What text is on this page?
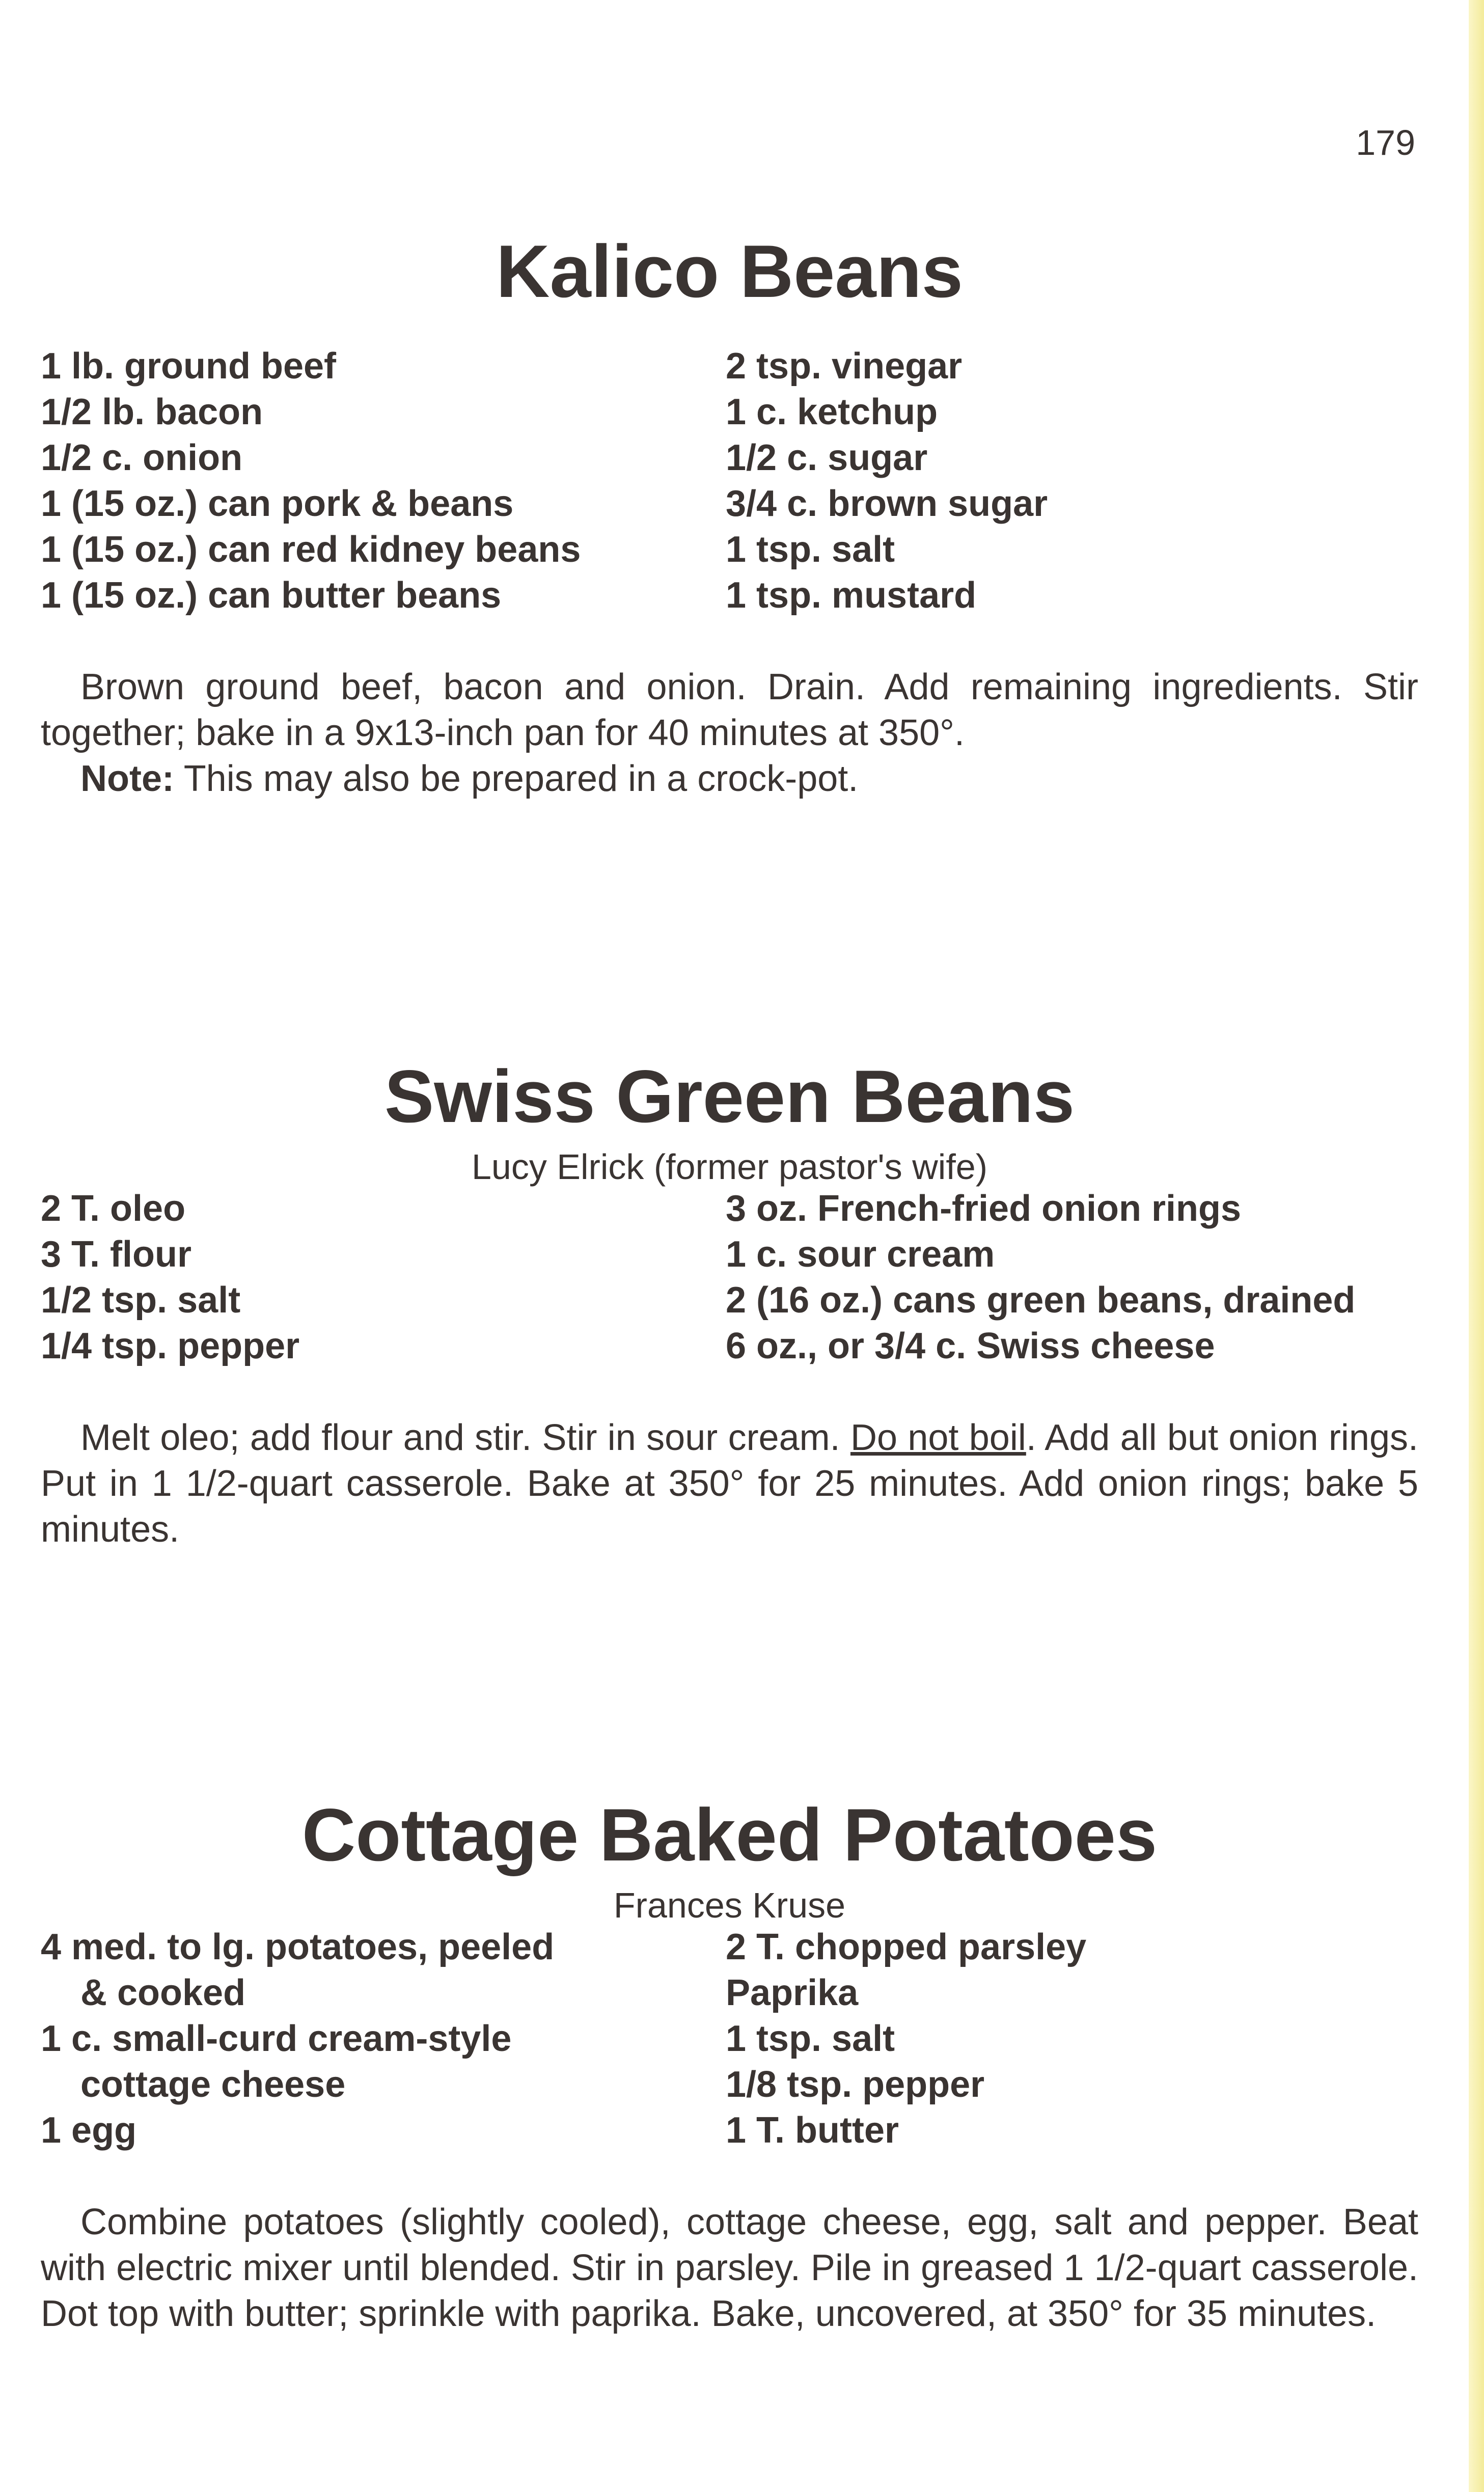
179
Kalico Beans
1 lb. ground beef
1/2 lb. bacon
1/2 c. onion
1 (15 oz.) can pork & beans
1 (15 oz.) can red kidney beans
1 (15 oz.) can butter beans
2 tsp. vinegar
1 c. ketchup
1/2 c. sugar
3/4 c. brown sugar
1 tsp. salt
1 tsp. mustard

Brown ground beef, bacon and onion. Drain. Add remaining ingredients. Stir together; bake in a 9x13-inch pan for 40 minutes at 350°.

Note: This may also be prepared in a crock-pot.

Swiss Green Beans
Lucy Elrick (former pastor's wife)
2 T. oleo
3 T. flour
1/2 tsp. salt
1/4 tsp. pepper
3 oz. French-fried onion rings
1 c. sour cream
2 (16 oz.) cans green beans, drained
6 oz., or 3/4 c. Swiss cheese

Melt oleo; add flour and stir. Stir in sour cream. Do not boil. Add all but onion rings. Put in 1 1/2-quart casserole. Bake at 350° for 25 minutes. Add onion rings; bake 5 minutes.

Cottage Baked Potatoes
Frances Kruse
4 med. to lg. potatoes, peeled
& cooked
1 c. small-curd cream-style
cottage cheese
1 egg
2 T. chopped parsley
Paprika
1 tsp. salt
1/8 tsp. pepper
1 T. butter

Combine potatoes (slightly cooled), cottage cheese, egg, salt and pepper. Beat with electric mixer until blended. Stir in parsley. Pile in greased 1 1/2-quart casserole. Dot top with butter; sprinkle with paprika. Bake, uncovered, at 350° for 35 minutes.
